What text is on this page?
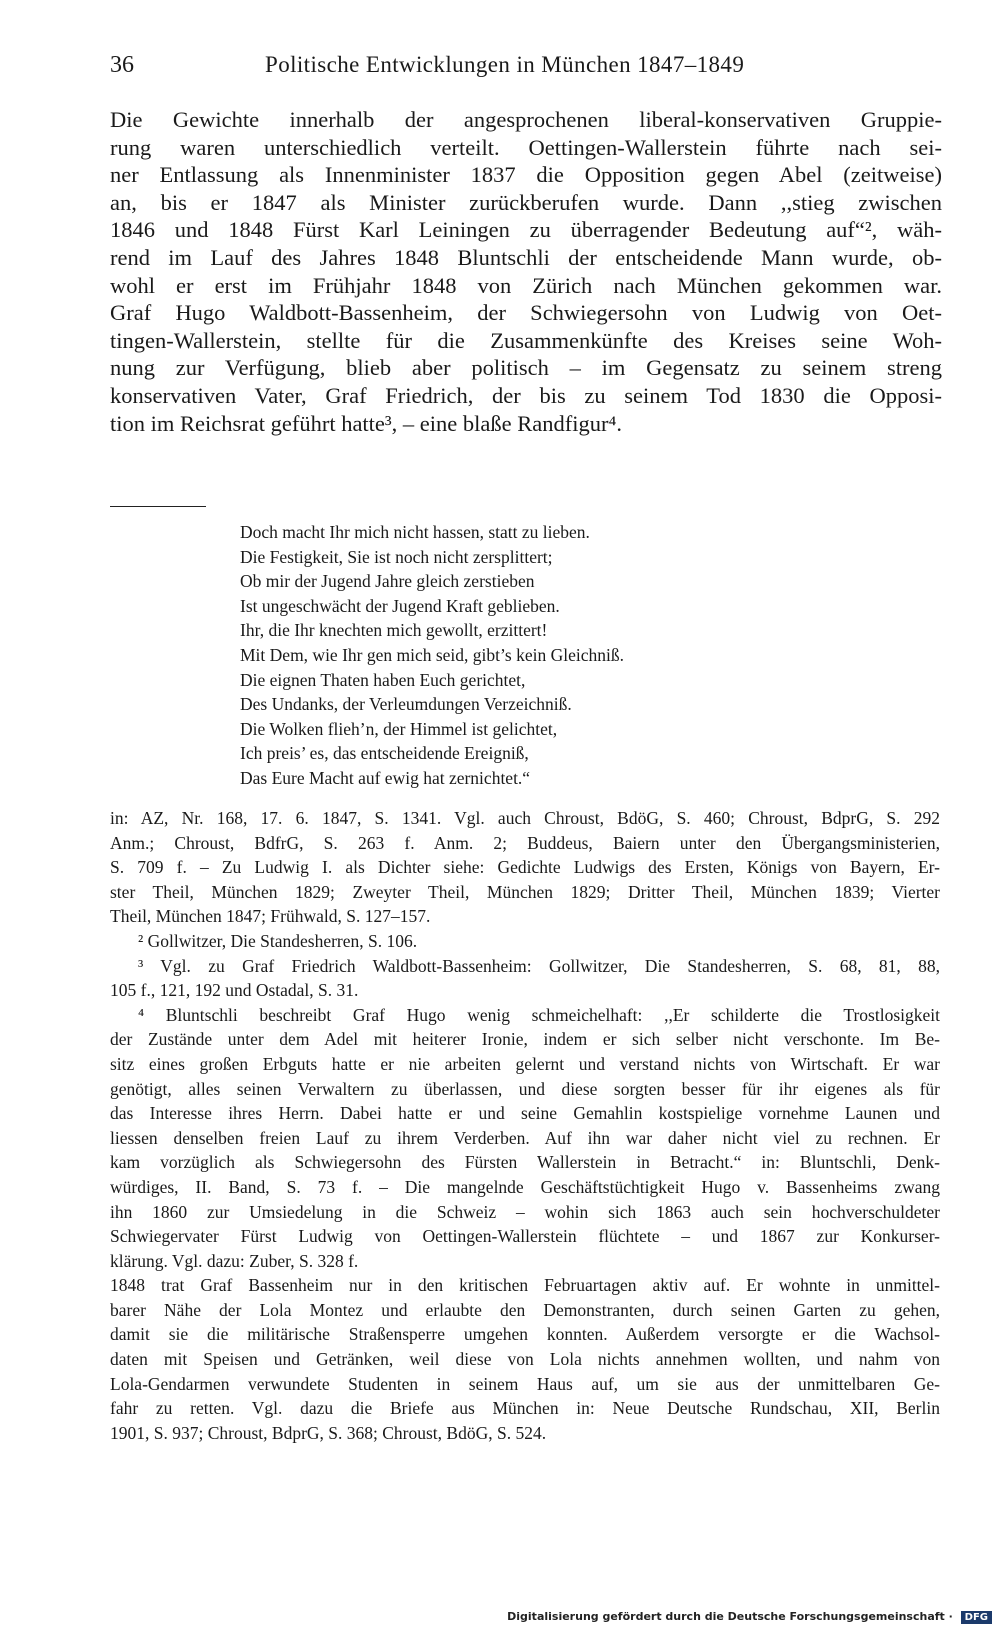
36	Politische Entwicklungen in München 1847–1849
Die Gewichte innerhalb der angesprochenen liberal-konservativen Gruppie-
rung waren unterschiedlich verteilt. Oettingen-Wallerstein führte nach sei-
ner Entlassung als Innenminister 1837 die Opposition gegen Abel (zeitweise)
an, bis er 1847 als Minister zurückberufen wurde. Dann ,,stieg zwischen
1846 und 1848 Fürst Karl Leiningen zu überragender Bedeutung auf“², wäh-
rend im Lauf des Jahres 1848 Bluntschli der entscheidende Mann wurde, ob-
wohl er erst im Frühjahr 1848 von Zürich nach München gekommen war.
Graf Hugo Waldbott-Bassenheim, der Schwiegersohn von Ludwig von Oet-
tingen-Wallerstein, stellte für die Zusammenkünfte des Kreises seine Woh-
nung zur Verfügung, blieb aber politisch – im Gegensatz zu seinem streng
konservativen Vater, Graf Friedrich, der bis zu seinem Tod 1830 die Opposi-
tion im Reichsrat geführt hatte³, – eine blaße Randfigur⁴.
Doch macht Ihr mich nicht hassen, statt zu lieben.
Die Festigkeit, Sie ist noch nicht zersplittert;
Ob mir der Jugend Jahre gleich zerstieben
Ist ungeschwächt der Jugend Kraft geblieben.
Ihr, die Ihr knechten mich gewollt, erzittert!
Mit Dem, wie Ihr gen mich seid, gibt’s kein Gleichniß.
Die eignen Thaten haben Euch gerichtet,
Des Undanks, der Verleumdungen Verzeichniß.
Die Wolken flieh’n, der Himmel ist gelichtet,
Ich preis’ es, das entscheidende Ereigniß,
Das Eure Macht auf ewig hat zernichtet.“
in: AZ, Nr. 168, 17. 6. 1847, S. 1341. Vgl. auch Chroust, BdöG, S. 460; Chroust, BdprG, S. 292
Anm.; Chroust, BdfrG, S. 263 f. Anm. 2; Buddeus, Baiern unter den Übergangsministerien,
S. 709 f. – Zu Ludwig I. als Dichter siehe: Gedichte Ludwigs des Ersten, Königs von Bayern, Er-
ster Theil, München 1829; Zweyter Theil, München 1829; Dritter Theil, München 1839; Vierter
Theil, München 1847; Frühwald, S. 127–157.
² Gollwitzer, Die Standesherren, S. 106.
³ Vgl. zu Graf Friedrich Waldbott-Bassenheim: Gollwitzer, Die Standesherren, S. 68, 81, 88,
105 f., 121, 192 und Ostadal, S. 31.
⁴ Bluntschli beschreibt Graf Hugo wenig schmeichelhaft: ,,Er schilderte die Trostlosigkeit
der Zustände unter dem Adel mit heiterer Ironie, indem er sich selber nicht verschonte. Im Be-
sitz eines großen Erbguts hatte er nie arbeiten gelernt und verstand nichts von Wirtschaft. Er war
genötigt, alles seinen Verwaltern zu überlassen, und diese sorgten besser für ihr eigenes als für
das Interesse ihres Herrn. Dabei hatte er und seine Gemahlin kostspielige vornehme Launen und
liessen denselben freien Lauf zu ihrem Verderben. Auf ihn war daher nicht viel zu rechnen. Er
kam vorzüglich als Schwiegersohn des Fürsten Wallerstein in Betracht.“ in: Bluntschli, Denk-
würdiges, II. Band, S. 73 f. – Die mangelnde Geschäftstüchtigkeit Hugo v. Bassenheims zwang
ihn 1860 zur Umsiedelung in die Schweiz – wohin sich 1863 auch sein hochverschuldeter
Schwiegervater Fürst Ludwig von Oettingen-Wallerstein flüchtete – und 1867 zur Konkurser-
klärung. Vgl. dazu: Zuber, S. 328 f.
1848 trat Graf Bassenheim nur in den kritischen Februartagen aktiv auf. Er wohnte in unmittel-
barer Nähe der Lola Montez und erlaubte den Demonstranten, durch seinen Garten zu gehen,
damit sie die militärische Straßensperre umgehen konnten. Außerdem versorgte er die Wachsol-
daten mit Speisen und Getränken, weil diese von Lola nichts annehmen wollten, und nahm von
Lola-Gendarmen verwundete Studenten in seinem Haus auf, um sie aus der unmittelbaren Ge-
fahr zu retten. Vgl. dazu die Briefe aus München in: Neue Deutsche Rundschau, XII, Berlin
1901, S. 937; Chroust, BdprG, S. 368; Chroust, BdöG, S. 524.
Digitalisierung gefördert durch die Deutsche Forschungsgemeinschaft · DFG
